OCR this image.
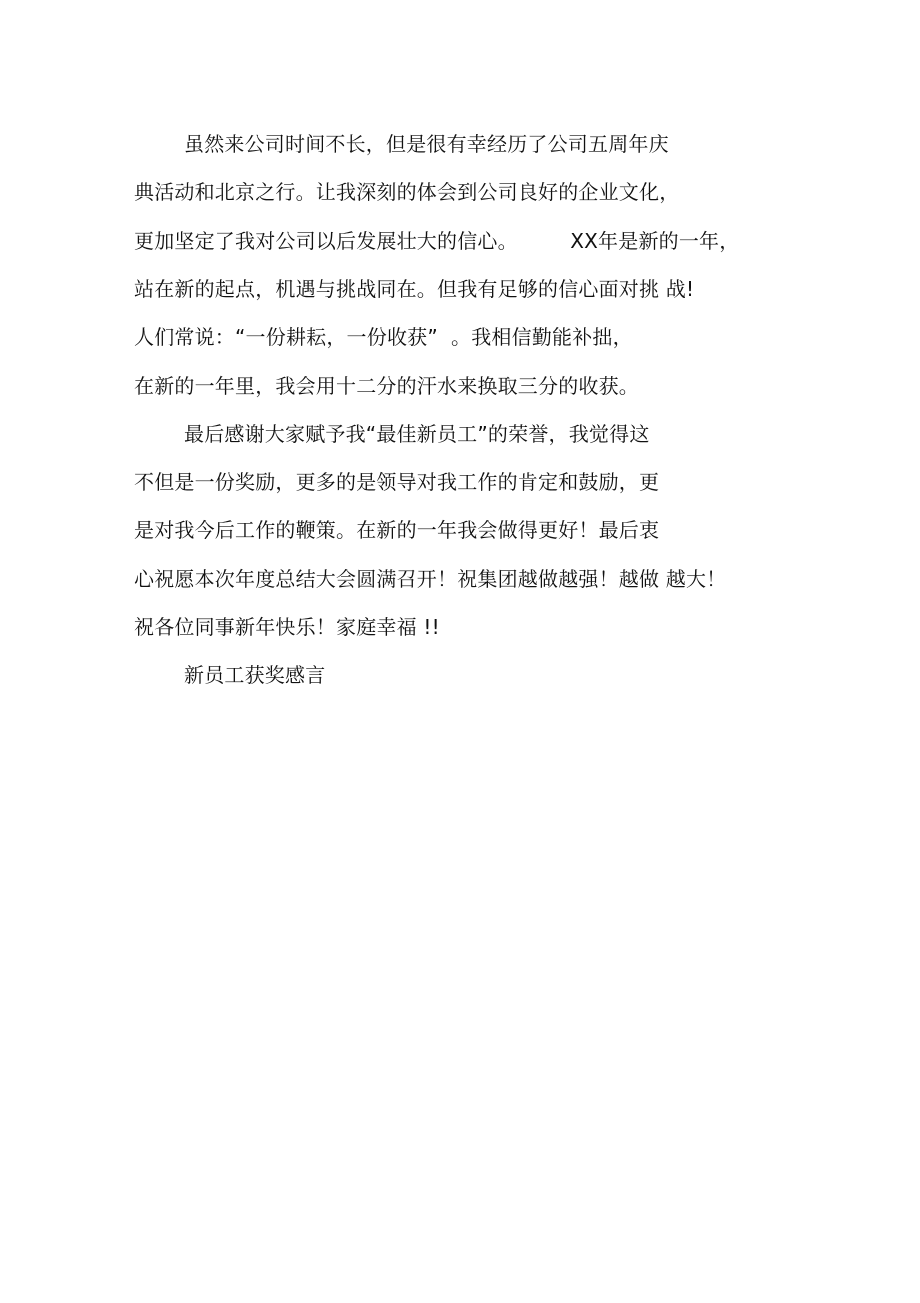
虽然来公司时间不长，但是很有幸经历了公司五周年庆
典活动和北京之行。让我深刻的体会到公司良好的企业文化，
更加坚定了我对公司以后发展壮大的信心。        XX年是新的一年，
站在新的起点，机遇与挑战同在。但我有足够的信心面对挑 战!
人们常说：“一份耕耘，一份收获”  。我相信勤能补拙，
在新的一年里，我会用十二分的汗水来换取三分的收获。
最后感谢大家赋予我“最佳新员工”的荣誉，我觉得这
不但是一份奖励，更多的是领导对我工作的肯定和鼓励，更
是对我今后工作的鞭策。在新的一年我会做得更好！最后衷
心祝愿本次年度总结大会圆满召开！祝集团越做越强！越做 越大！
祝各位同事新年快乐！家庭幸福 !!
新员工获奖感言
